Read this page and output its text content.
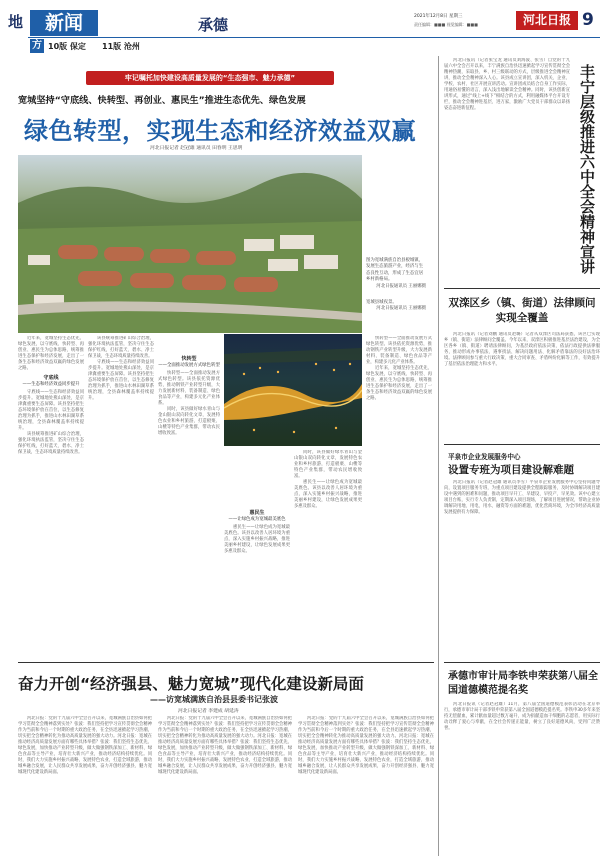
地	新闻	承德	2021年12月8日 星期三
责任编辑：■■■ 视觉编辑：■■■	河北日报 9
方 10版 保定	11版 沧州
牢记嘱托加快建设高质量发展的“生态强市、魅力承德”
宽城坚持“守底线、快转型、再创业、惠民生”推进生态优先、绿色发展
绿色转型，实现生态和经济效益双赢
河北日报记者 赵冠雄 通讯员 田春明 王思明
图为宽城满族自治县板城镇，发展生态旅游产业，经济与生态良性互动，形成了生态宜居乡村新格局。
河北日报通讯员 王丽娜摄
宽城县城夜景。
河北日报通讯员 王丽娜摄

近年来，宽城坚持生态优先、绿色发展，以守底线、快转型、再创业、惠民生为总体思路，统筹推进生态保护和经济发展，走出了一条生态和经济效益双赢的绿色发展之路。

守底线
——生态和经济效益同步提升

守底线——生态和经济效益同步提升。宽城地处燕山深处，是京津冀重要生态屏障。该县坚持把生态环境保护放在首位，以生态修复治理为抓手，推进山水林田湖草系统治理，全县森林覆盖率持续提升。

该县统筹推进矿山综合治理，强化环境执法监管，坚决守住生态保护红线，打好蓝天、碧水、净土保卫战，生态环境质量持续改善。

该县统筹推进矿山综合治理，强化环境执法监管，坚决守住生态保护红线，打好蓝天、碧水、净土保卫战，生态环境质量持续改善。

守底线——生态和经济效益同步提升。宽城地处燕山深处，是京津冀重要生态屏障。该县坚持把生态环境保护放在首位，以生态修复治理为抓手，推进山水林田湖草系统治理，全县森林覆盖率持续提升。

快转型
——全面推动发展方式绿色转型

快转型——全面推动发展方式绿色转型。该县依托资源优势，推动钢铁产业转型升级，大力发展新材料、装备制造、绿色食品等产业，构建多元化产业体系。

同时，该县做好绿水青山与金山银山双向转化文章，发展特色农业和乡村旅游，打造板栗、山楂等特色产业集群，带动农民增收致富。

惠民生
——让绿色成为宽城最美底色

惠民生——让绿色成为宽城最美底色。该县以改善人居环境为重点，深入实施乡村振兴战略，推进美丽乡村建设，让绿色发展成果更多惠及群众。

同时，该县做好绿水青山与金山银山双向转化文章，发展特色农业和乡村旅游，打造板栗、山楂等特色产业集群，带动农民增收致富。

惠民生——让绿色成为宽城最美底色。该县以改善人居环境为重点，深入实施乡村振兴战略，推进美丽乡村建设，让绿色发展成果更多惠及群众。

快转型——全面推动发展方式绿色转型。该县依托资源优势，推动钢铁产业转型升级，大力发展新材料、装备制造、绿色食品等产业，构建多元化产业体系。

近年来，宽城坚持生态优先、绿色发展，以守底线、快转型、再创业、惠民生为总体思路，统筹推进生态保护和经济发展，走出了一条生态和经济效益双赢的绿色发展之路。

奋力开创“经济强县、魅力宽城”现代化建设新局面
——访宽城满族自治县县委书记张波
河北日报记者 李建成 胡延涛

河北日报：党的十九届六中全会召开以来，宽城满族自治县如何把学习贯彻全会精神落到实处？张波：我们坚持把学习宣传贯彻全会精神作为当前和今后一个时期的重大政治任务，在全县迅速掀起学习热潮，切实把全会精神转化为推动高质量发展的强大动力。河北日报：宽城在推动经济高质量发展方面有哪些具体举措？张波：我们坚持生态优先、绿色发展，加快推动产业转型升级，做大做强钢铁深加工、新材料、绿色食品等主导产业，培育壮大新兴产业，推动经济结构持续优化。同时，我们大力实施乡村振兴战略，发展特色农业，打造全域旅游，推动城乡融合发展，让人民群众共享发展成果，奋力开创经济强县、魅力宽城现代化建设新局面。

河北日报：党的十九届六中全会召开以来，宽城满族自治县如何把学习贯彻全会精神落到实处？张波：我们坚持把学习宣传贯彻全会精神作为当前和今后一个时期的重大政治任务，在全县迅速掀起学习热潮，切实把全会精神转化为推动高质量发展的强大动力。河北日报：宽城在推动经济高质量发展方面有哪些具体举措？张波：我们坚持生态优先、绿色发展，加快推动产业转型升级，做大做强钢铁深加工、新材料、绿色食品等主导产业，培育壮大新兴产业，推动经济结构持续优化。同时，我们大力实施乡村振兴战略，发展特色农业，打造全域旅游，推动城乡融合发展，让人民群众共享发展成果，奋力开创经济强县、魅力宽城现代化建设新局面。

河北日报：党的十九届六中全会召开以来，宽城满族自治县如何把学习贯彻全会精神落到实处？张波：我们坚持把学习宣传贯彻全会精神作为当前和今后一个时期的重大政治任务，在全县迅速掀起学习热潮，切实把全会精神转化为推动高质量发展的强大动力。河北日报：宽城在推动经济高质量发展方面有哪些具体举措？张波：我们坚持生态优先、绿色发展，加快推动产业转型升级，做大做强钢铁深加工、新材料、绿色食品等主导产业，培育壮大新兴产业，推动经济结构持续优化。同时，我们大力实施乡村振兴战略，发展特色农业，打造全域旅游，推动城乡融合发展，让人民群众共享发展成果，奋力开创经济强县、魅力宽城现代化建设新局面。

河北日报讯（记者张宝龙 通讯员刘海波、张雪）自党的十九届六中全会召开以来，丰宁满族自治县迅速掀起学习宣传贯彻全会精神热潮，采取县、乡、村三级联动的方式，层级推进全会精神宣讲，推动全会精神深入人心。该县成立宣讲团，深入机关、企业、学校、农村、社区开展宣讲活动。宣讲团成员结合自身工作实际，用通俗易懂的语言，深入浅出地解读全会精神。同时，该县创新宣讲形式，通过“线上+线下”相结合的方式，利用融媒体平台开设专栏，推动全会精神进基层、进万家，激励广大党员干部群众以昂扬姿态奋进新征程。	丰宁层级推进六中全会精神宣讲
双滦区乡（镇、街道）法律顾问实现全覆盖

河北日报讯（记者刘鹏 通讯员赵璐）记者从双滦区司法局获悉，该区已实现乡（镇、街道）法律顾问全覆盖。今年以来，双滦区积极推进基层法治建设，为全区各乡（镇、街道）聘请法律顾问，为基层政府依法决策、依法行政提供法律服务，推动形成办事依法、遇事找法、解决问题用法、化解矛盾靠法的良好法治环境。法律顾问参与重大行政决策、重大合同审查、矛盾纠纷化解等工作，有效提升了基层依法治理能力和水平。

平泉市企业发展服务中心
设置专班为项目建设解难题

河北日报讯（记者赵冠雄 通讯员李雪）平泉市企业发展服务中心坚持问题导向，设置项目服务专班，为重点项目建设提供全程跟踪服务，及时协调解决项目建设中遇到的困难和问题，推动项目早开工、早建设、早投产、早见效。该中心建立项目台账，实行专人负责制，定期深入项目现场，了解项目进展情况，帮助企业协调解决用地、用电、用水、融资等方面的难题，优化营商环境，为全市经济高质量发展提供有力保障。

承德市审计局李铁申荣获第八届全国道德模范提名奖

河北日报讯（记者赵冠雄）11月，第八届全国道德模范表彰活动在北京举行，承德市审计局干部李铁申荣获第八届全国道德模范提名奖。李铁申30多年来坚持无偿献血，累计献血量超过数万毫升，成为捐献造血干细胞的志愿者，用实际行动诠释了爱心与奉献，在全社会传递正能量，树立了良好道德风尚，受到广泛赞誉。
